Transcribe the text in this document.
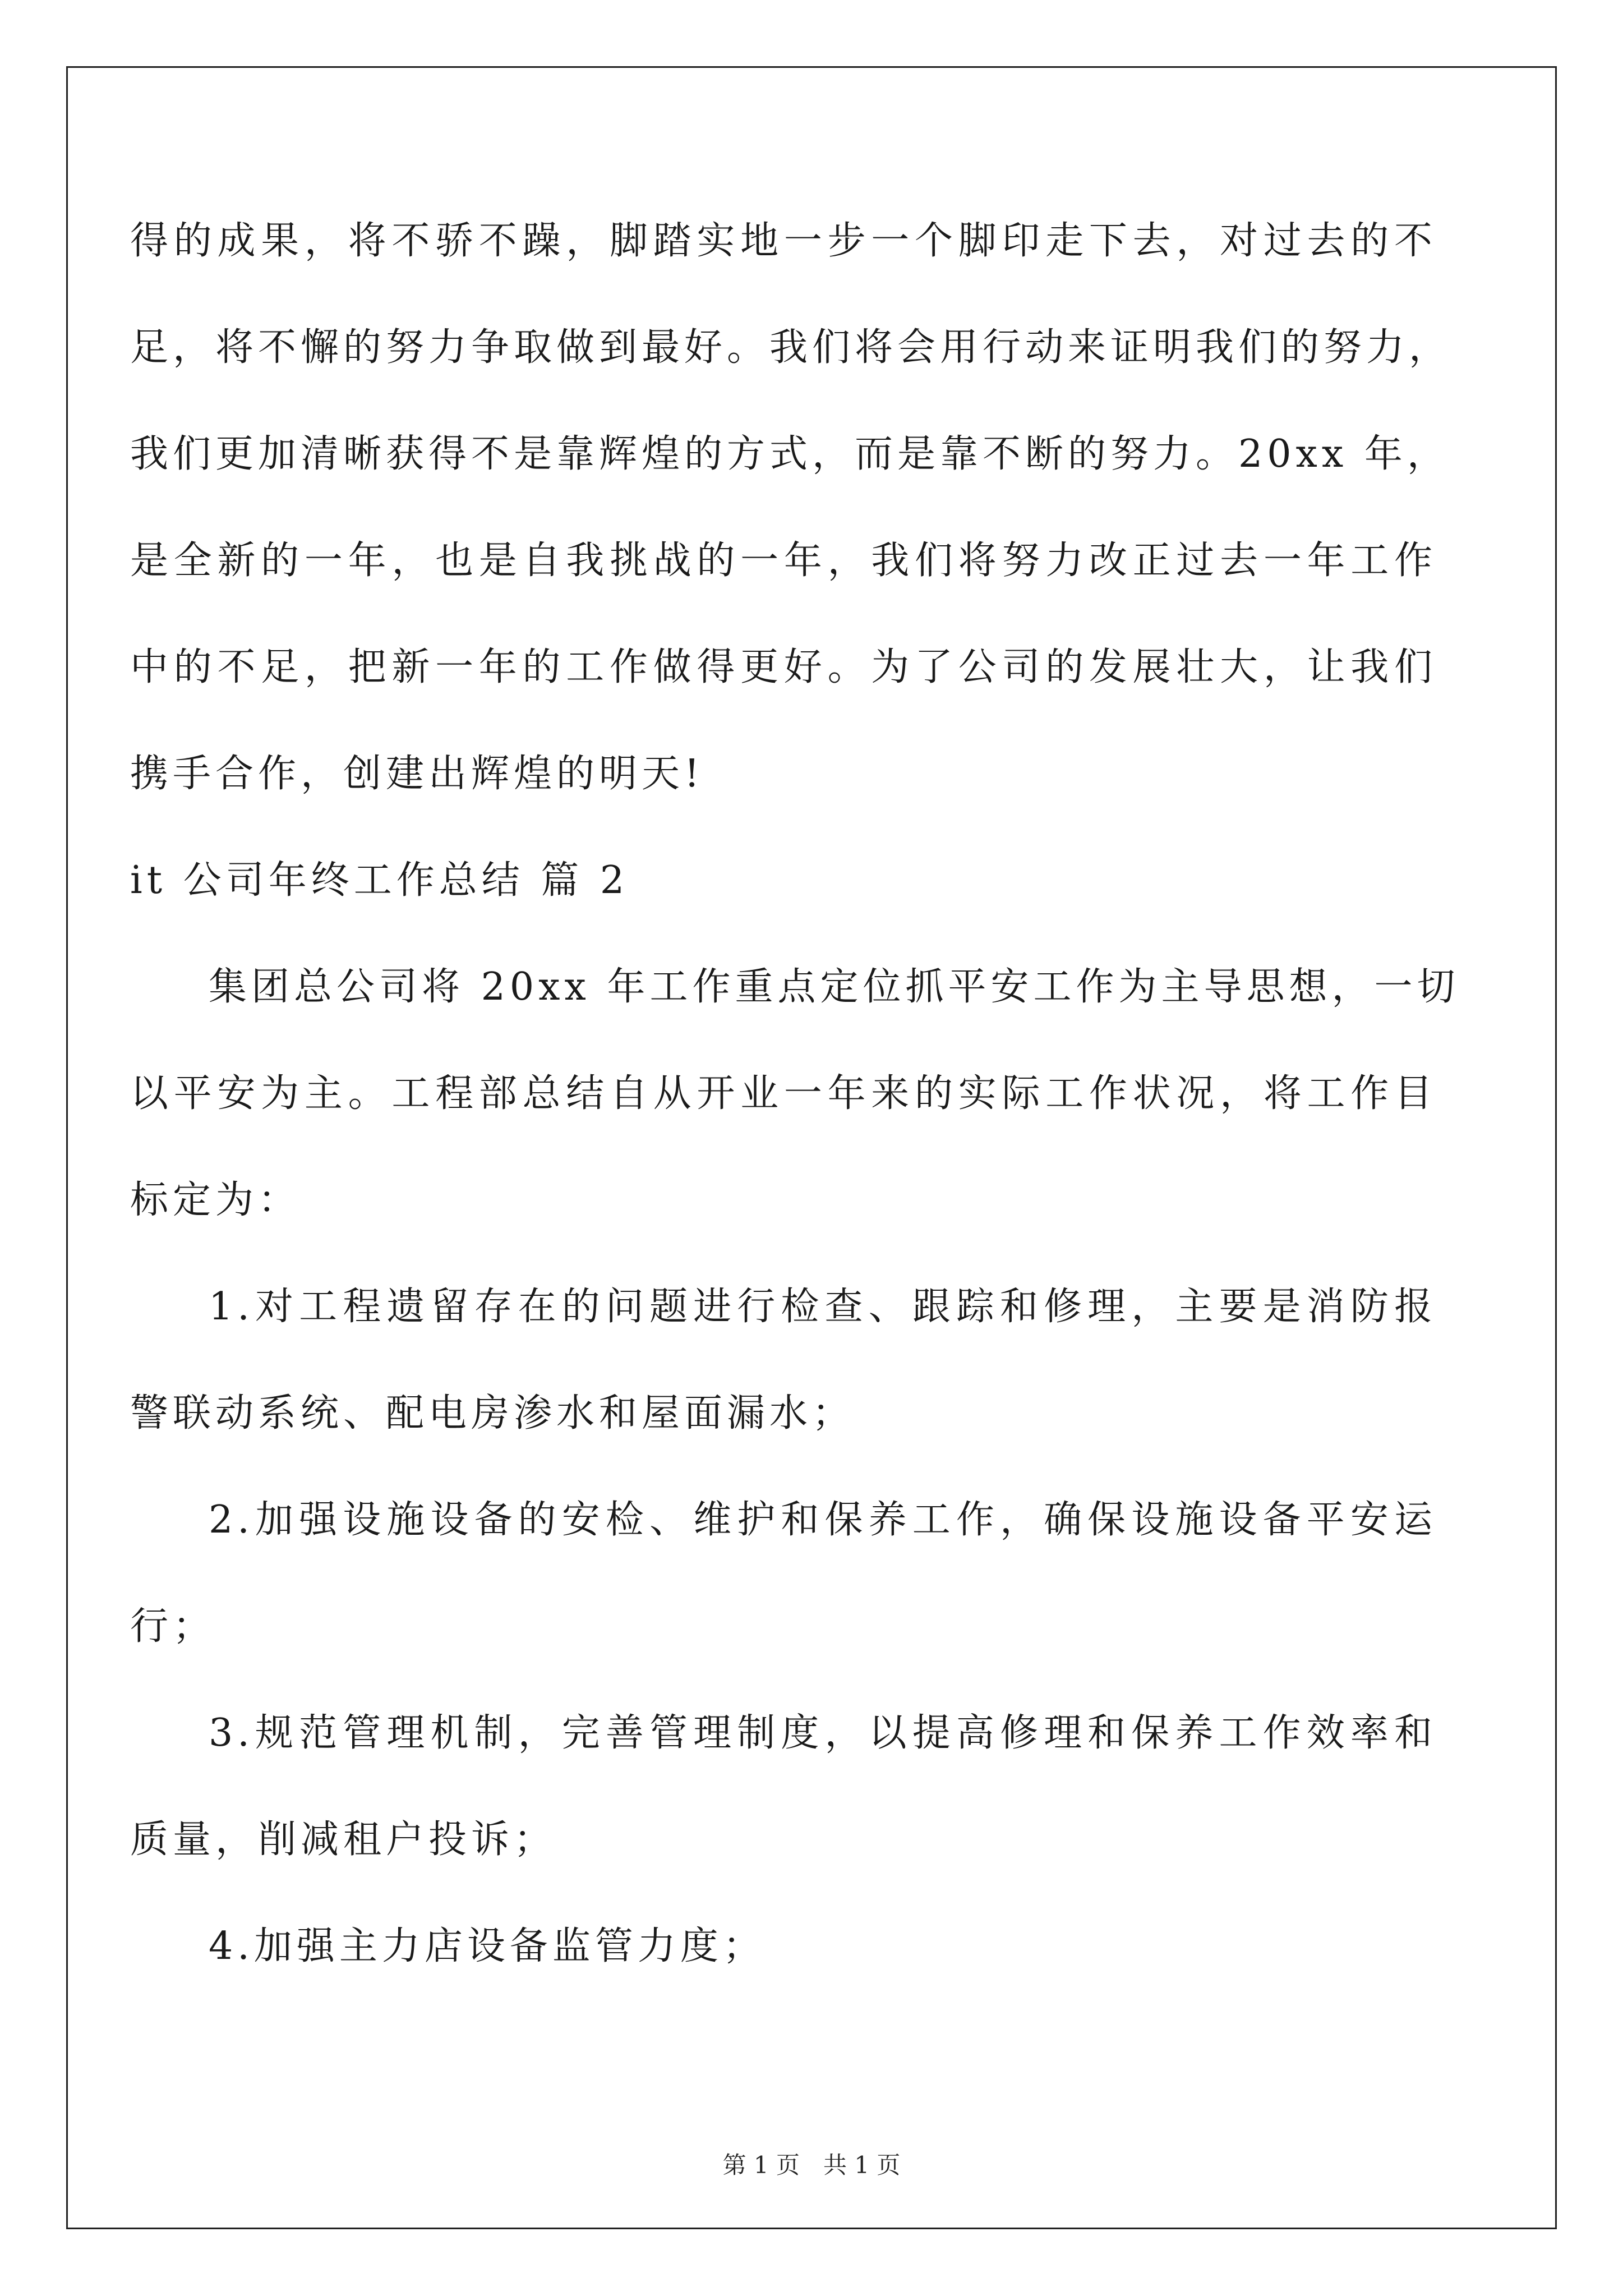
得的成果，将不骄不躁，脚踏实地一步一个脚印走下去，对过去的不
足，将不懈的努力争取做到最好。我们将会用行动来证明我们的努力，
我们更加清晰获得不是靠辉煌的方式，而是靠不断的努力。20xx 年，
是全新的一年，也是自我挑战的一年，我们将努力改正过去一年工作
中的不足，把新一年的工作做得更好。为了公司的发展壮大，让我们
携手合作，创建出辉煌的明天!
it 公司年终工作总结 篇 2
集团总公司将 20xx 年工作重点定位抓平安工作为主导思想，一切
以平安为主。工程部总结自从开业一年来的实际工作状况，将工作目
标定为：
1.对工程遗留存在的问题进行检查、跟踪和修理，主要是消防报
警联动系统、配电房渗水和屋面漏水；
2.加强设施设备的安检、维护和保养工作，确保设施设备平安运
行；
3.规范管理机制，完善管理制度，以提高修理和保养工作效率和
质量，削减租户投诉；
4.加强主力店设备监管力度；
第 1 页　共 1 页
